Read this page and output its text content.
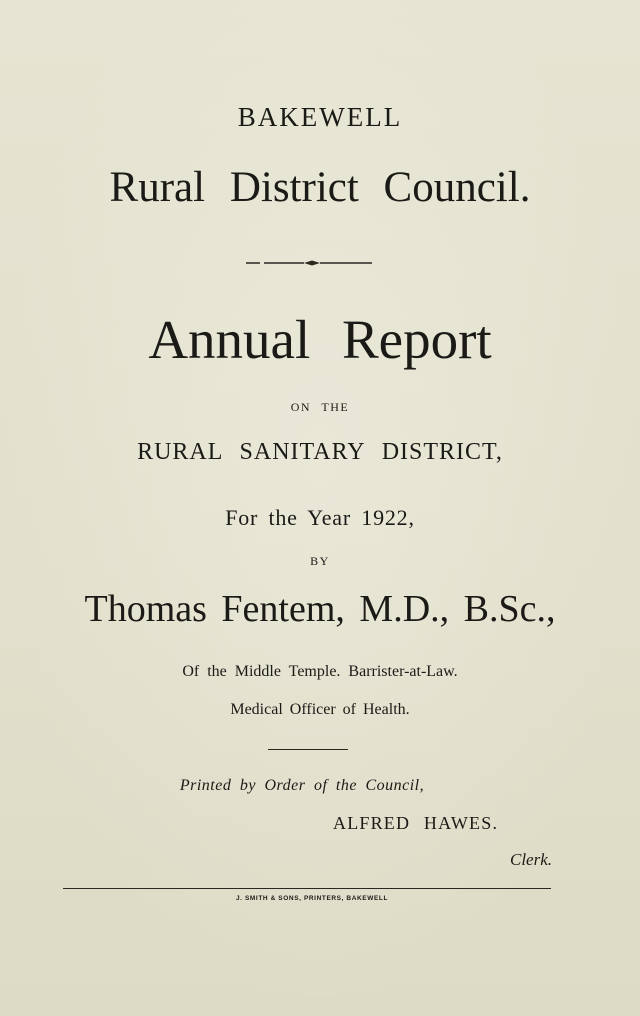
BAKEWELL
Rural District Council.
Annual Report
ON THE
RURAL SANITARY DISTRICT,
For the Year 1922,
BY
Thomas Fentem, M.D., B.Sc.,
Of the Middle Temple. Barrister-at-Law.
Medical Officer of Health.
Printed by Order of the Council,
ALFRED HAWES.
Clerk.
J. SMITH & SONS, PRINTERS, BAKEWELL
